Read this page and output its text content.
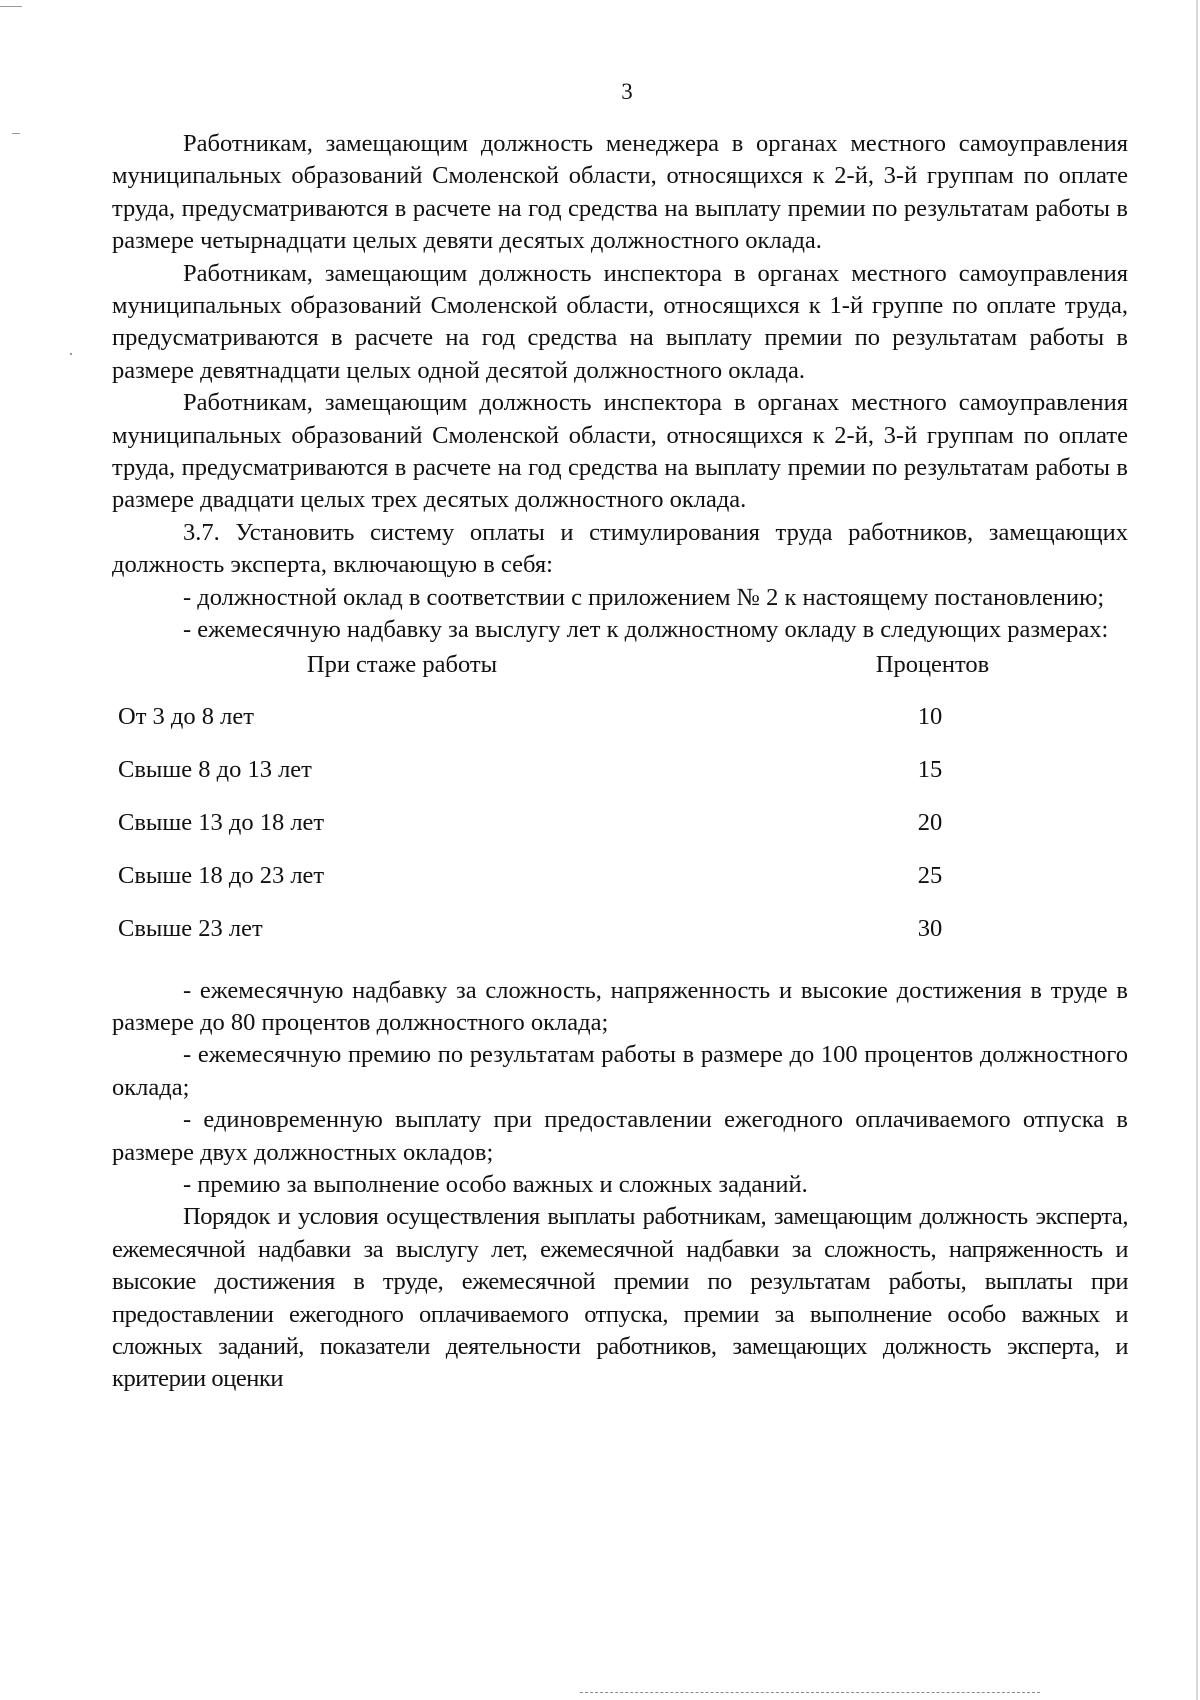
3

Работникам, замещающим должность менеджера в органах местного самоуправления муниципальных образований Смоленской области, относящихся к 2-й, 3-й группам по оплате труда, предусматриваются в расчете на год средства на выплату премии по результатам работы в размере четырнадцати целых девяти десятых должностного оклада.

Работникам, замещающим должность инспектора в органах местного самоуправления муниципальных образований Смоленской области, относящихся к 1-й группе по оплате труда, предусматриваются в расчете на год средства на выплату премии по результатам работы в размере девятнадцати целых одной десятой должностного оклада.

Работникам, замещающим должность инспектора в органах местного самоуправления муниципальных образований Смоленской области, относящихся к 2-й, 3-й группам по оплате труда, предусматриваются в расчете на год средства на выплату премии по результатам работы в размере двадцати целых трех десятых должностного оклада.

3.7. Установить систему оплаты и стимулирования труда работников, замещающих должность эксперта, включающую в себя:

- должностной оклад в соответствии с приложением № 2 к настоящему постановлению;

- ежемесячную надбавку за выслугу лет к должностному окладу в следующих размерах:

При стаже работы	Процентов
От 3 до 8 лет	10
Свыше 8 до 13 лет	15
Свыше 13 до 18 лет	20
Свыше 18 до 23 лет	25
Свыше 23 лет	30

- ежемесячную надбавку за сложность, напряженность и высокие достижения в труде в размере до 80 процентов должностного оклада;

- ежемесячную премию по результатам работы в размере до 100 процентов должностного оклада;

- единовременную выплату при предоставлении ежегодного оплачиваемого отпуска в размере двух должностных окладов;

- премию за выполнение особо важных и сложных заданий.

Порядок и условия осуществления выплаты работникам, замещающим должность эксперта, ежемесячной надбавки за выслугу лет, ежемесячной надбавки за сложность, напряженность и высокие достижения в труде, ежемесячной премии по результатам работы, выплаты при предоставлении ежегодного оплачиваемого отпуска, премии за выполнение особо важных и сложных заданий, показатели деятельности работников, замещающих должность эксперта, и критерии оценки
